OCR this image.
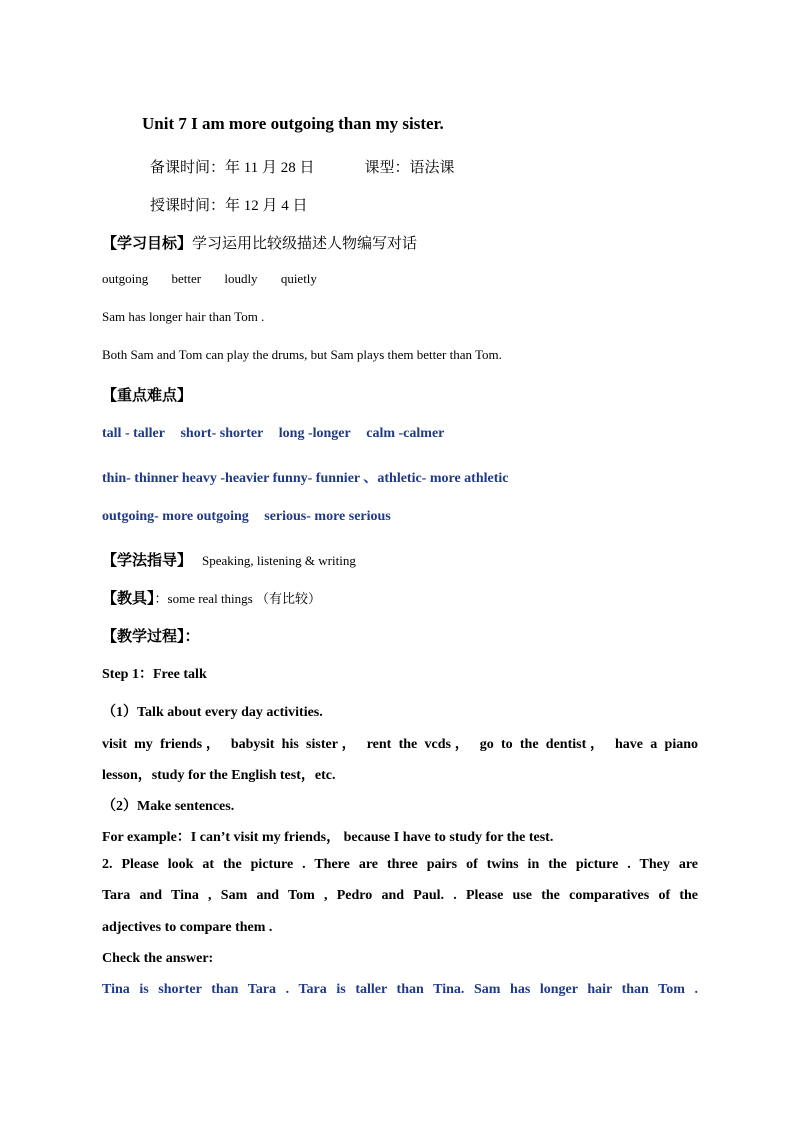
Unit 7 I am more outgoing than my sister.
备课时间：年 11 月 28 日	课型：语法课
授课时间：年 12 月 4 日
【学习目标】学习运用比较级描述人物编写对话
outgoing better loudly quietly
Sam has longer hair than Tom .
Both Sam and Tom can play the drums, but Sam plays them better than Tom.
【重点难点】
tall - taller short- shorter long -longer calm -calmer
thin- thinner heavy -heavier funny- funnier 、athletic- more athletic
outgoing- more outgoing serious- more serious
【学法指导】 Speaking, listening & writing
【教具】：some real things （有比较）
【教学过程】：
Step 1：Free talk
（1）Talk about every day activities.
visit my friends， babysit his sister， rent the vcds， go to the dentist， have a piano
lesson，study for the English test，etc.
（2）Make sentences.
For example：I can’t visit my friends， because I have to study for the test.
2. Please look at the picture . There are three pairs of twins in the picture . They are
Tara and Tina , Sam and Tom , Pedro and Paul. . Please use the comparatives of the
adjectives to compare them .
Check the answer:
Tina is shorter than Tara . Tara is taller than Tina. Sam has longer hair than Tom .
